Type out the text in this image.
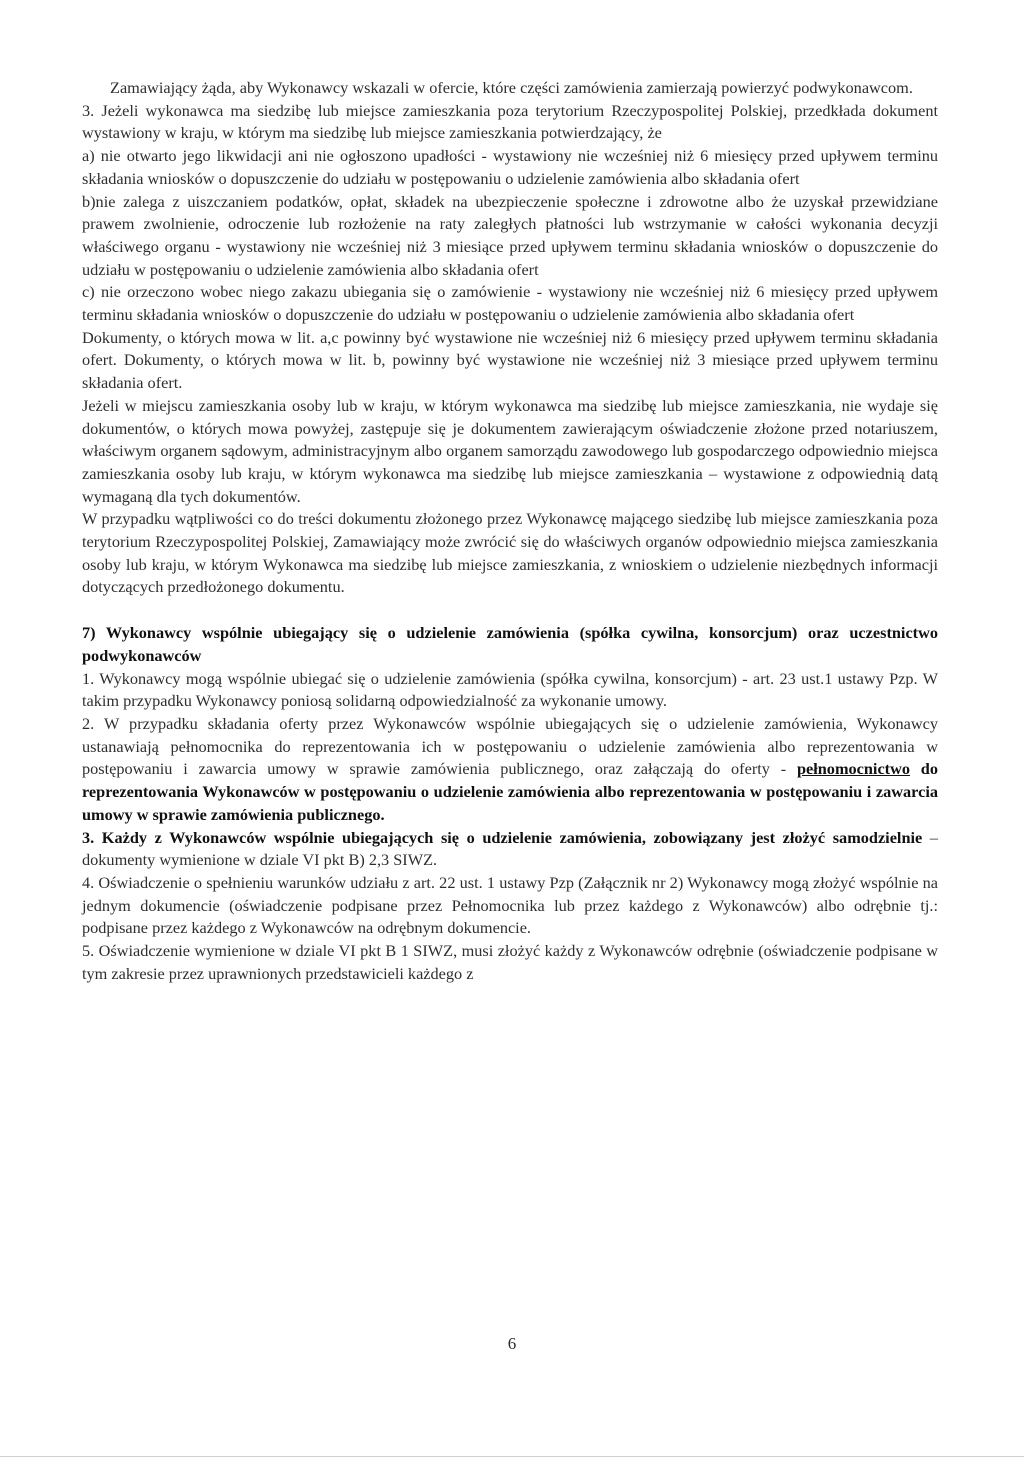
Zamawiający żąda, aby Wykonawcy wskazali w ofercie, które części zamówienia zamierzają powierzyć podwykonawcom.

3. Jeżeli wykonawca ma siedzibę lub miejsce zamieszkania poza terytorium Rzeczypospolitej Polskiej, przedkłada dokument wystawiony w kraju, w którym ma siedzibę lub miejsce zamieszkania potwierdzający, że

a) nie otwarto jego likwidacji ani nie ogłoszono upadłości - wystawiony nie wcześniej niż 6 miesięcy przed upływem terminu składania wniosków o dopuszczenie do udziału w postępowaniu o udzielenie zamówienia albo składania ofert

b)nie zalega z uiszczaniem podatków, opłat, składek na ubezpieczenie społeczne i zdrowotne albo że uzyskał przewidziane prawem zwolnienie, odroczenie lub rozłożenie na raty zaległych płatności lub wstrzymanie w całości wykonania decyzji właściwego organu - wystawiony nie wcześniej niż 3 miesiące przed upływem terminu składania wniosków o dopuszczenie do udziału w postępowaniu o udzielenie zamówienia albo składania ofert

c) nie orzeczono wobec niego zakazu ubiegania się o zamówienie - wystawiony nie wcześniej niż 6 miesięcy przed upływem terminu składania wniosków o dopuszczenie do udziału w postępowaniu o udzielenie zamówienia albo składania ofert

Dokumenty, o których mowa w lit. a,c powinny być wystawione nie wcześniej niż 6 miesięcy przed upływem terminu składania ofert. Dokumenty, o których mowa w lit. b, powinny być wystawione nie wcześniej niż 3 miesiące przed upływem terminu składania ofert.

Jeżeli w miejscu zamieszkania osoby lub w kraju, w którym wykonawca ma siedzibę lub miejsce zamieszkania, nie wydaje się dokumentów, o których mowa powyżej, zastępuje się je dokumentem zawierającym oświadczenie złożone przed notariuszem, właściwym organem sądowym, administracyjnym albo organem samorządu zawodowego lub gospodarczego odpowiednio miejsca zamieszkania osoby lub kraju, w którym wykonawca ma siedzibę lub miejsce zamieszkania – wystawione z odpowiednią datą wymaganą dla tych dokumentów.

W przypadku wątpliwości co do treści dokumentu złożonego przez Wykonawcę mającego siedzibę lub miejsce zamieszkania poza terytorium Rzeczypospolitej Polskiej, Zamawiający może zwrócić się do właściwych organów odpowiednio miejsca zamieszkania osoby lub kraju, w którym Wykonawca ma siedzibę lub miejsce zamieszkania, z wnioskiem o udzielenie niezbędnych informacji dotyczących przedłożonego dokumentu.

7) Wykonawcy wspólnie ubiegający się o udzielenie zamówienia (spółka cywilna, konsorcjum) oraz uczestnictwo podwykonawców

1. Wykonawcy mogą wspólnie ubiegać się o udzielenie zamówienia (spółka cywilna, konsorcjum) - art. 23 ust.1 ustawy Pzp. W takim przypadku Wykonawcy poniosą solidarną odpowiedzialność za wykonanie umowy.

2. W przypadku składania oferty przez Wykonawców wspólnie ubiegających się o udzielenie zamówienia, Wykonawcy ustanawiają pełnomocnika do reprezentowania ich w postępowaniu o udzielenie zamówienia albo reprezentowania w postępowaniu i zawarcia umowy w sprawie zamówienia publicznego, oraz załączają do oferty - pełnomocnictwo do reprezentowania Wykonawców w postępowaniu o udzielenie zamówienia albo reprezentowania w postępowaniu i zawarcia umowy w sprawie zamówienia publicznego.

3. Każdy z Wykonawców wspólnie ubiegających się o udzielenie zamówienia, zobowiązany jest złożyć samodzielnie – dokumenty wymienione w dziale VI pkt B) 2,3 SIWZ.

4. Oświadczenie o spełnieniu warunków udziału z art. 22 ust. 1 ustawy Pzp (Załącznik nr 2) Wykonawcy mogą złożyć wspólnie na jednym dokumencie (oświadczenie podpisane przez Pełnomocnika lub przez każdego z Wykonawców) albo odrębnie tj.: podpisane przez każdego z Wykonawców na odrębnym dokumencie.

5. Oświadczenie wymienione w dziale VI pkt B 1 SIWZ, musi złożyć każdy z Wykonawców odrębnie (oświadczenie podpisane w tym zakresie przez uprawnionych przedstawicieli każdego z

6
